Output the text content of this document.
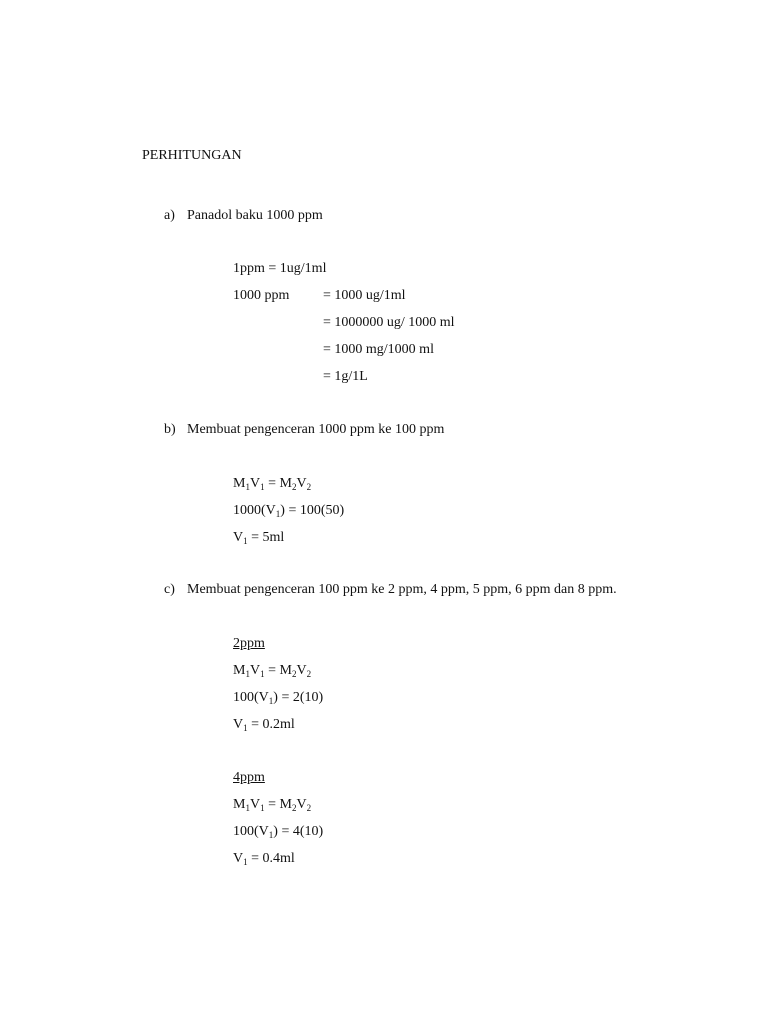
PERHITUNGAN
a) Panadol baku 1000 ppm
1ppm = 1ug/1ml
1000 ppm = 1000 ug/1ml
= 1000000 ug/ 1000 ml
= 1000 mg/1000 ml
= 1g/1L
b) Membuat pengenceran 1000 ppm ke 100 ppm
$M_1V_1 = M_2V_2$
$1000(V_1) = 100(50)$
$V_1 = 5ml$
c) Membuat pengenceran 100 ppm ke 2 ppm, 4 ppm, 5 ppm, 6 ppm dan 8 ppm.
2ppm
$M_1V_1 = M_2V_2$
$100(V_1) = 2(10)$
$V_1 = 0.2ml$
4ppm
$M_1V_1 = M_2V_2$
$100(V_1) = 4(10)$
$V_1 = 0.4ml$
